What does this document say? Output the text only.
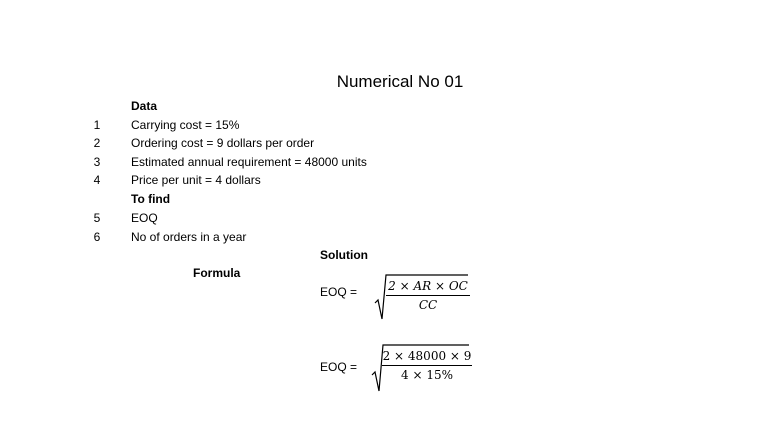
Numerical No 01
Data
1	Carrying cost = 15%
2	Ordering cost = 9 dollars per order
3	Estimated annual requirement = 48000 units
4	Price per unit = 4 dollars
To find
5	EOQ
6	No of orders in a year
Solution
Formula
EOQ =	2 × AR × OC
CC
EOQ =
2 × 48000 × 9
4 × 15%
